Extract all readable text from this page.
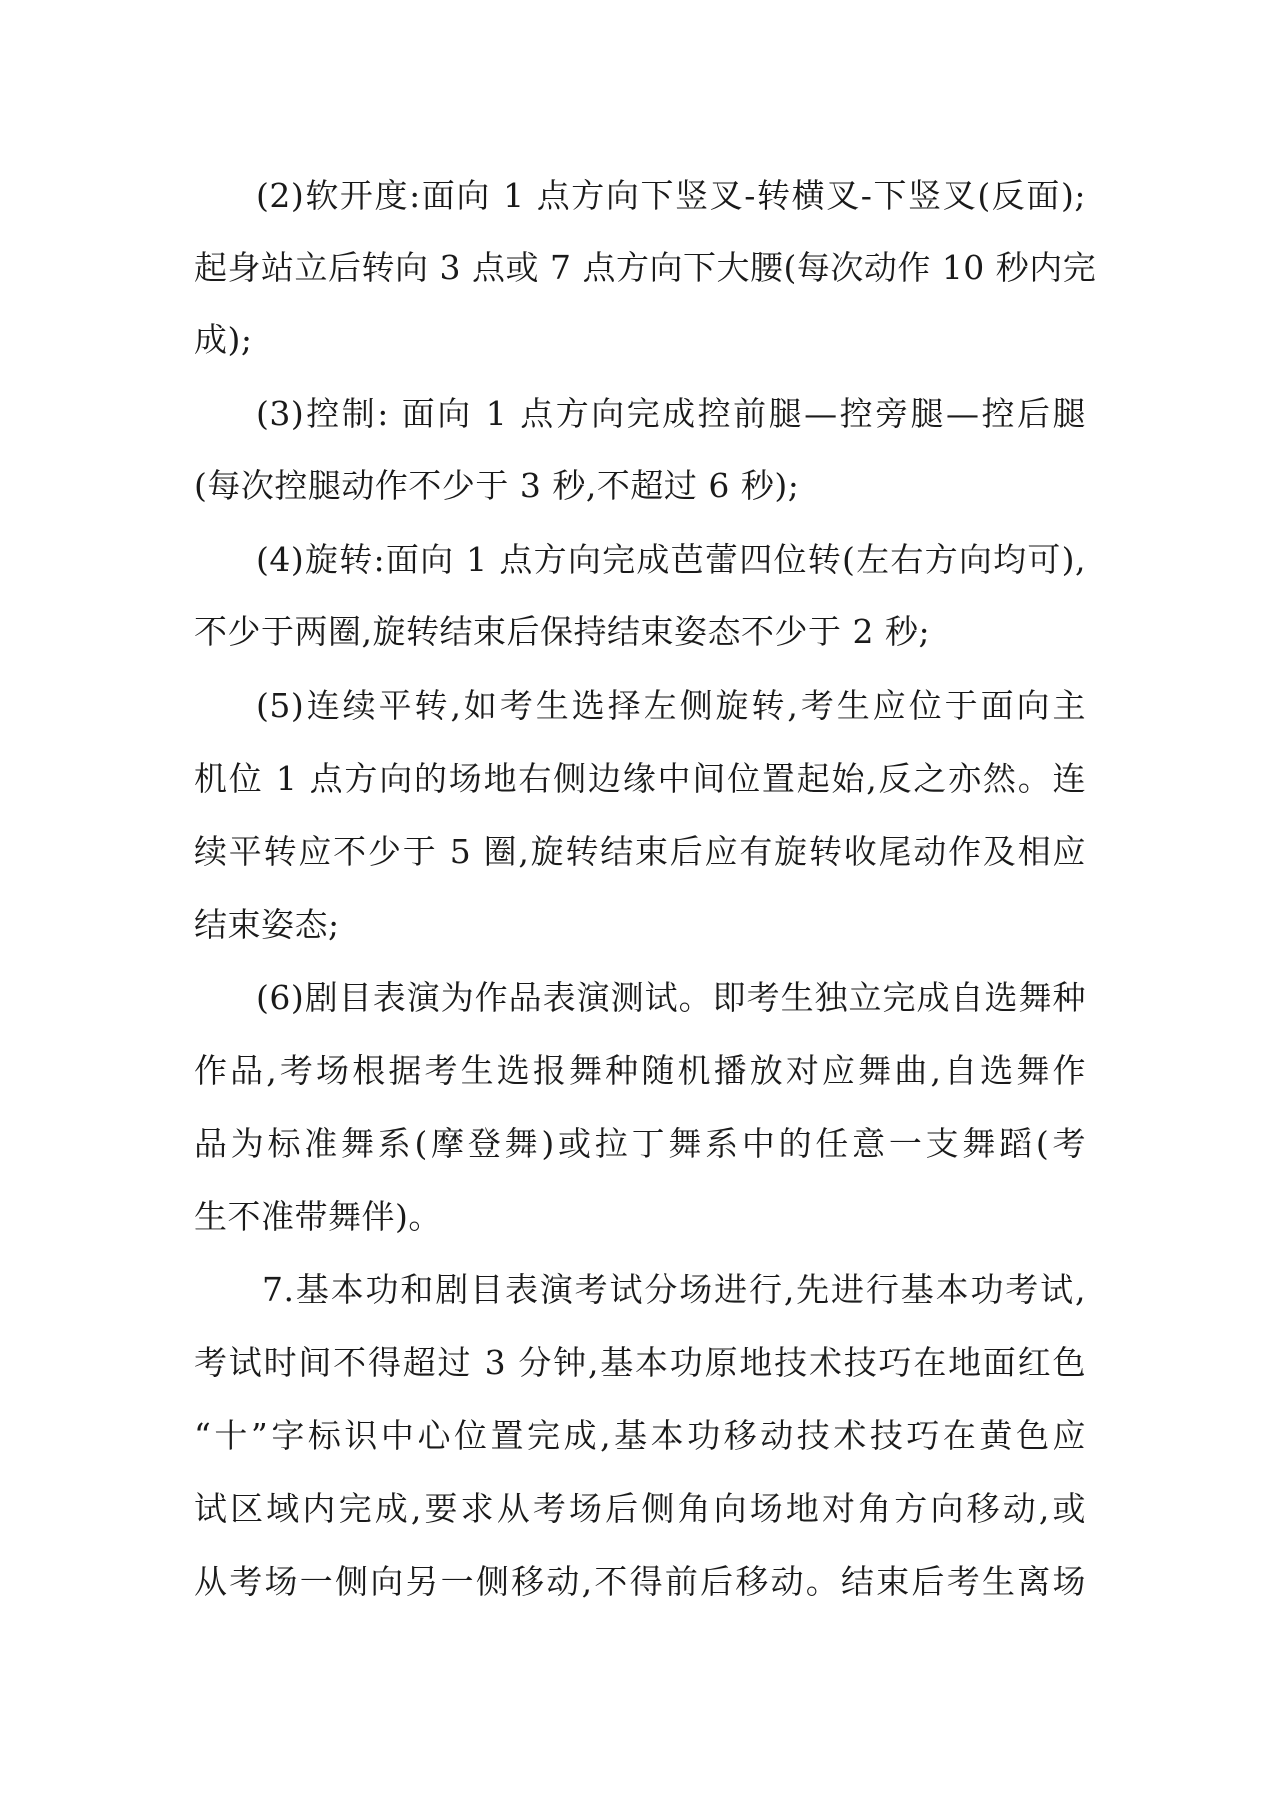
(2)软开度:面向 1 点方向下竖叉-转横叉-下竖叉(反面);
起身站立后转向 3 点或 7 点方向下大腰(每次动作 10 秒内完
成);
(3)控制: 面向 1 点方向完成控前腿—控旁腿—控后腿
(每次控腿动作不少于 3 秒,不超过 6 秒);
(4)旋转:面向 1 点方向完成芭蕾四位转(左右方向均可),
不少于两圈,旋转结束后保持结束姿态不少于 2 秒;
(5)连续平转,如考生选择左侧旋转,考生应位于面向主
机位 1 点方向的场地右侧边缘中间位置起始,反之亦然。连
续平转应不少于 5 圈,旋转结束后应有旋转收尾动作及相应
结束姿态;
(6)剧目表演为作品表演测试。即考生独立完成自选舞种
作品,考场根据考生选报舞种随机播放对应舞曲,自选舞作
品为标准舞系(摩登舞)或拉丁舞系中的任意一支舞蹈(考
生不准带舞伴)。
7.基本功和剧目表演考试分场进行,先进行基本功考试,
考试时间不得超过 3 分钟,基本功原地技术技巧在地面红色
“十”字标识中心位置完成,基本功移动技术技巧在黄色应
试区域内完成,要求从考场后侧角向场地对角方向移动,或
从考场一侧向另一侧移动,不得前后移动。结束后考生离场
